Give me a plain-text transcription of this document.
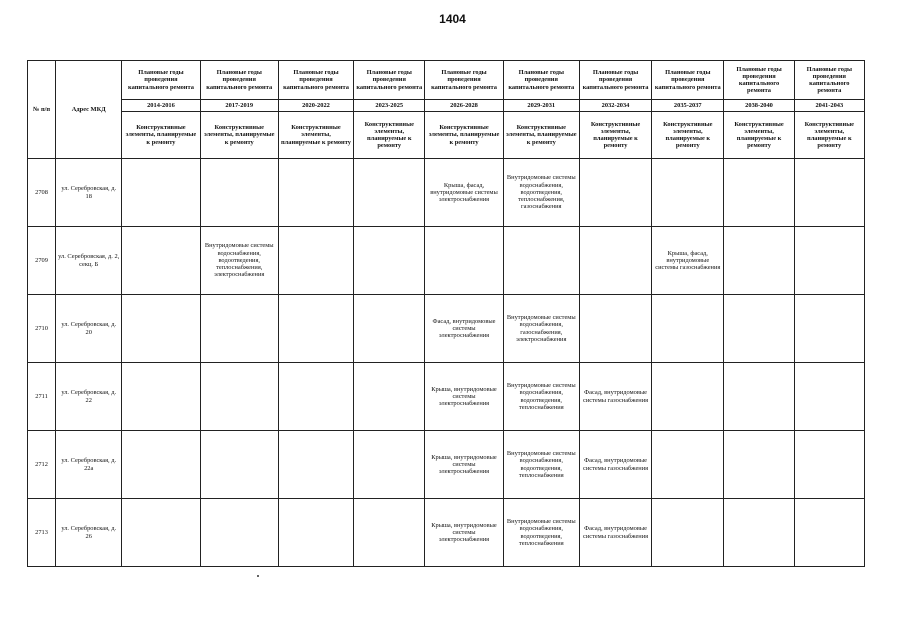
1404
№ п/п	Адрес МКД	Плановые годы проведения капитального ремонта	Плановые годы проведения капитального ремонта	Плановые годы проведения капитального ремонта	Плановые годы проведения капитального ремонта	Плановые годы проведения капитального ремонта	Плановые годы проведения капитального ремонта	Плановые годы проведения капитального ремонта	Плановые годы проведения капитального ремонта	Плановые годы проведения капитального ремонта	Плановые годы проведения капитального ремонта
		2014-2016	2017-2019	2020-2022	2023-2025	2026-2028	2029-2031	2032-2034	2035-2037	2038-2040	2041-2043
		Конструктивные элементы, планируемые к ремонту	Конструктивные элементы, планируемые к ремонту	Конструктивные элементы, планируемые к ремонту	Конструктивные элементы, планируемые к ремонту	Конструктивные элементы, планируемые к ремонту	Конструктивные элементы, планируемые к ремонту	Конструктивные элементы, планируемые к ремонту	Конструктивные элементы, планируемые к ремонту	Конструктивные элементы, планируемые к ремонту	Конструктивные элементы, планируемые к ремонту
2708	ул. Серебровская, д. 18					Крыша, фасад, внутридомовые системы электроснабжения	Внутридомовые системы водоснабжения, водоотведения, теплоснабжения, газоснабжения				

2709	ул. Серебровская, д. 2, секц. Б		Внутридомовые системы водоснабжения, водоотведения, теплоснабжения, электроснабжения						Крыша, фасад, внутридомовые системы газоснабжения		

2710	ул. Серебровская, д. 20					Фасад, внутридомовые системы электроснабжения	Внутридомовые системы водоснабжения, газоснабжения, электроснабжения				

2711	ул. Серебровская, д. 22					Крыша, внутридомовые системы электроснабжения	Внутридомовые системы водоснабжения, водоотведения, теплоснабжения	Фасад, внутридомовые системы газоснабжения			

2712	ул. Серебровская, д. 22а					Крыша, внутридомовые системы электроснабжения	Внутридомовые системы водоснабжения, водоотведения, теплоснабжения	Фасад, внутридомовые системы газоснабжения			

2713	ул. Серебровская, д. 26					Крыша, внутридомовые системы электроснабжения	Внутридомовые системы водоснабжения, водоотведения, теплоснабжения	Фасад, внутридомовые системы газоснабжения			
